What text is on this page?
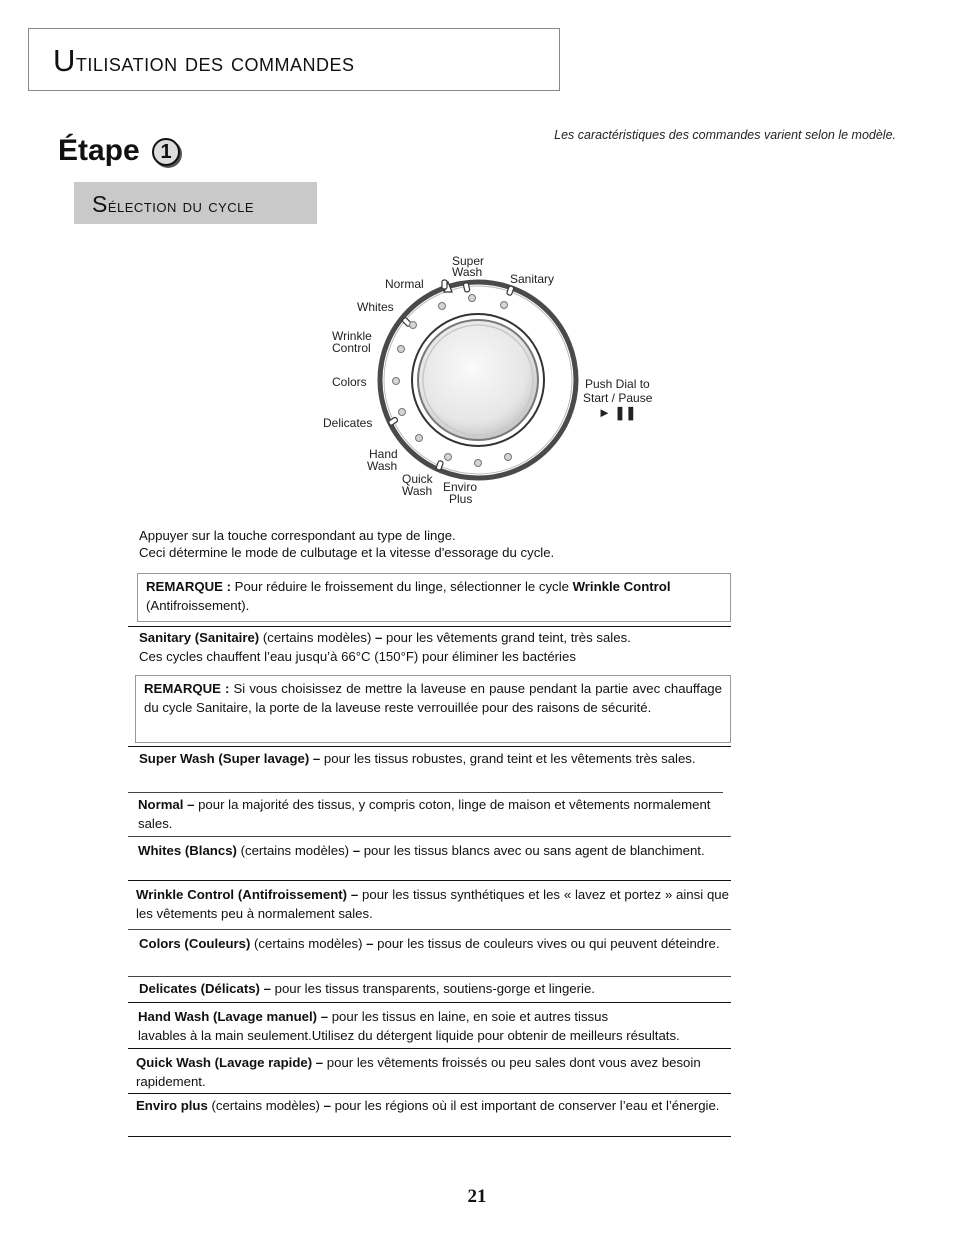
Utilisation des commandes
Les caractéristiques des commandes varient selon le modèle.
Étape 1
Sélection du cycle
Super
Wash Sanitary
Normal
Whites
Wrinkle
Control
Colors
Delicates
Hand
Wash
Quick
Wash Enviro
Plus
Push Dial to
Start / Pause
► ❚❚
Appuyer sur la touche correspondant au type de linge.
Ceci détermine le mode de culbutage et la vitesse d'essorage du cycle.
REMARQUE : Pour réduire le froissement du linge, sélectionner le cycle Wrinkle Control (Antifroissement).
Sanitary (Sanitaire) (certains modèles) – pour les vêtements grand teint, très sales.
Ces cycles chauffent l’eau jusqu’à 66°C (150°F) pour éliminer les bactéries
REMARQUE : Si vous choisissez de mettre la laveuse en pause pendant la partie avec chauffage du cycle Sanitaire, la porte de la laveuse reste verrouillée pour des raisons de sécurité.
Super Wash (Super lavage) – pour les tissus robustes, grand teint et les vêtements très sales.
Normal – pour la majorité des tissus, y compris coton, linge de maison et vêtements normalement sales.
Whites (Blancs) (certains modèles) – pour les tissus blancs avec ou sans agent de blanchiment.
Wrinkle Control (Antifroissement) – pour les tissus synthétiques et les « lavez et portez » ainsi que les vêtements peu à normalement sales.
Colors (Couleurs) (certains modèles) – pour les tissus de couleurs vives ou qui peuvent déteindre.
Delicates (Délicats) – pour les tissus transparents, soutiens-gorge et lingerie.
Hand Wash (Lavage manuel) – pour les tissus en laine, en soie et autres tissus
lavables à la main seulement.Utilisez du détergent liquide pour obtenir de meilleurs résultats.
Quick Wash (Lavage rapide) – pour les vêtements froissés ou peu sales dont vous avez besoin rapidement.
Enviro plus (certains modèles) – pour les régions où il est important de conserver l’eau et l’énergie.
21
